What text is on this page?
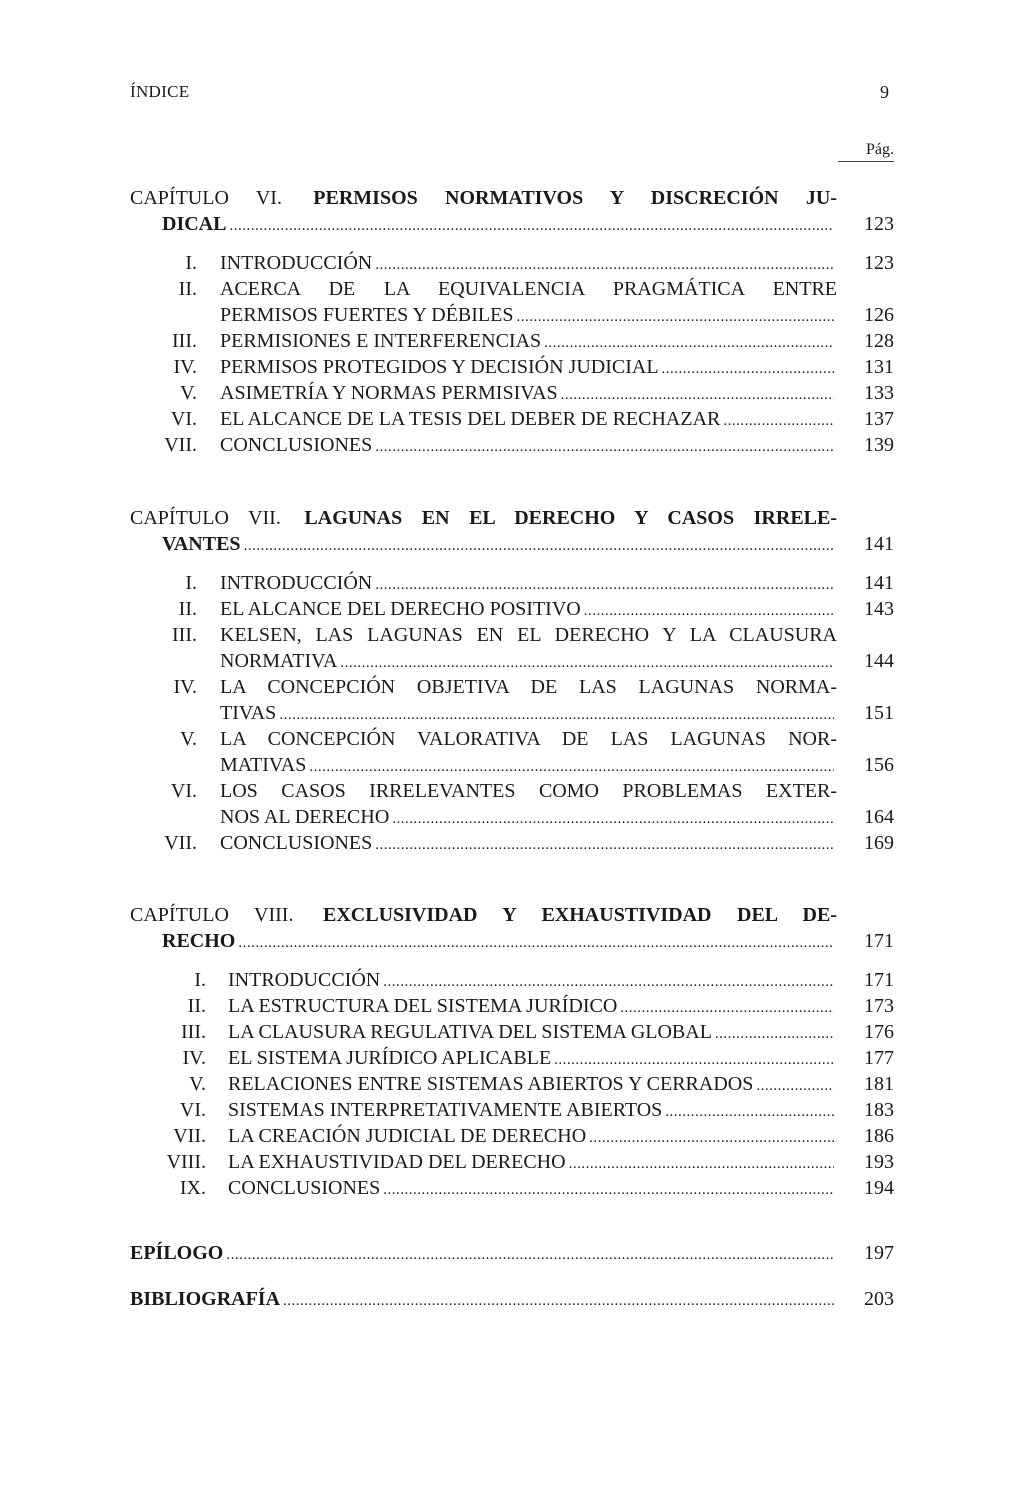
ÍNDICE	9
Pág.
CAPÍTULO VI. PERMISOS NORMATIVOS Y DISCRECIÓN JU-
DICAL .....	123
I. INTRODUCCIÓN .....	123
II. ACERCA DE LA EQUIVALENCIA PRAGMÁTICA ENTRE
PERMISOS FUERTES Y DÉBILES .....	126
III. PERMISIONES E INTERFERENCIAS .....	128
IV. PERMISOS PROTEGIDOS Y DECISIÓN JUDICIAL .....	131
V. ASIMETRÍA Y NORMAS PERMISIVAS .....	133
VI. EL ALCANCE DE LA TESIS DEL DEBER DE RECHAZAR .....	137
VII. CONCLUSIONES .....	139
CAPÍTULO VII. LAGUNAS EN EL DERECHO Y CASOS IRRELE-
VANTES .....	141
I. INTRODUCCIÓN .....	141
II. EL ALCANCE DEL DERECHO POSITIVO .....	143
III. KELSEN, LAS LAGUNAS EN EL DERECHO Y LA CLAUSURA
NORMATIVA .....	144
IV. LA CONCEPCIÓN OBJETIVA DE LAS LAGUNAS NORMA-
TIVAS .....	151
V. LA CONCEPCIÓN VALORATIVA DE LAS LAGUNAS NOR-
MATIVAS .....	156
VI. LOS CASOS IRRELEVANTES COMO PROBLEMAS EXTER-
NOS AL DERECHO .....	164
VII. CONCLUSIONES .....	169
CAPÍTULO VIII. EXCLUSIVIDAD Y EXHAUSTIVIDAD DEL DE-
RECHO .....	171
I. INTRODUCCIÓN .....	171
II. LA ESTRUCTURA DEL SISTEMA JURÍDICO .....	173
III. LA CLAUSURA REGULATIVA DEL SISTEMA GLOBAL .....	176
IV. EL SISTEMA JURÍDICO APLICABLE .....	177
V. RELACIONES ENTRE SISTEMAS ABIERTOS Y CERRADOS .....	181
VI. SISTEMAS INTERPRETATIVAMENTE ABIERTOS .....	183
VII. LA CREACIÓN JUDICIAL DE DERECHO .....	186
VIII. LA EXHAUSTIVIDAD DEL DERECHO .....	193
IX. CONCLUSIONES .....	194
EPÍLOGO .....	197
BIBLIOGRAFÍA .....	203
